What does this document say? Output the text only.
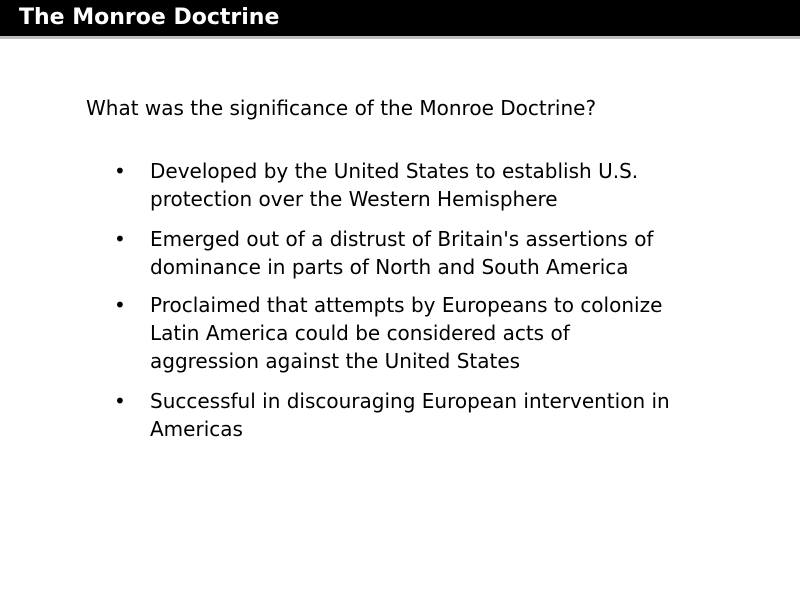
The Monroe Doctrine
What was the significance of the Monroe Doctrine?
• Developed by the United States to establish U.S.
protection over the Western Hemisphere
• Emerged out of a distrust of Britain's assertions of
dominance in parts of North and South America
• Proclaimed that attempts by Europeans to colonize
Latin America could be considered acts of
aggression against the United States
• Successful in discouraging European intervention in
Americas
